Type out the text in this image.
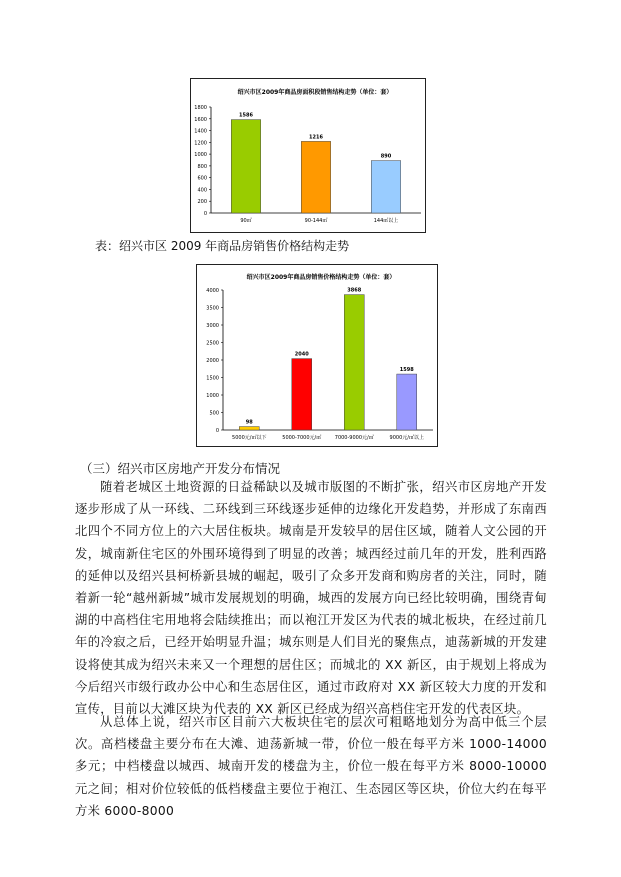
绍兴市区2009年商品房面积段销售结构走势（单位：套）
0
200
400
600
800
1000
1200
1400
1600
1800
1586
90㎡
1216
90-144㎡
890
144㎡以上
表：绍兴市区 2009 年商品房销售价格结构走势
绍兴市区2009年商品房销售价格结构走势（单位：套）
0
500
1000
1500
2000
2500
3000
3500
4000
98
5000元/㎡以下
2040
5000-7000元/㎡
3868
7000-9000元/㎡
1598
9000元/㎡以上
（三）绍兴市区房地产开发分布情况

随着老城区土地资源的日益稀缺以及城市版图的不断扩张，绍兴市区房地产开发逐步形成了从一环线、二环线到三环线逐步延伸的边缘化开发趋势，并形成了东南西北四个不同方位上的六大居住板块。城南是开发较早的居住区域，随着人文公园的开发，城南新住宅区的外围环境得到了明显的改善；城西经过前几年的开发，胜利西路的延伸以及绍兴县柯桥新县城的崛起，吸引了众多开发商和购房者的关注，同时，随着新一轮“越州新城”城市发展规划的明确，城西的发展方向已经比较明确，围绕青甸湖的中高档住宅用地将会陆续推出；而以袍江开发区为代表的城北板块，在经过前几年的冷寂之后，已经开始明显升温；城东则是人们目光的聚焦点，迪荡新城的开发建设将使其成为绍兴未来又一个理想的居住区；而城北的 XX 新区，由于规划上将成为今后绍兴市级行政办公中心和生态居住区，通过市政府对 XX 新区较大力度的开发和宣传，目前以大滩区块为代表的 XX 新区已经成为绍兴高档住宅开发的代表区块。

从总体上说，绍兴市区目前六大板块住宅的层次可粗略地划分为高中低三个层次。高档楼盘主要分布在大滩、迪荡新城一带，价位一般在每平方米 1000-14000 多元；中档楼盘以城西、城南开发的楼盘为主，价位一般在每平方米 8000-10000 元之间；相对价位较低的低档楼盘主要位于袍江、生态园区等区块，价位大约在每平方米 6000-8000
